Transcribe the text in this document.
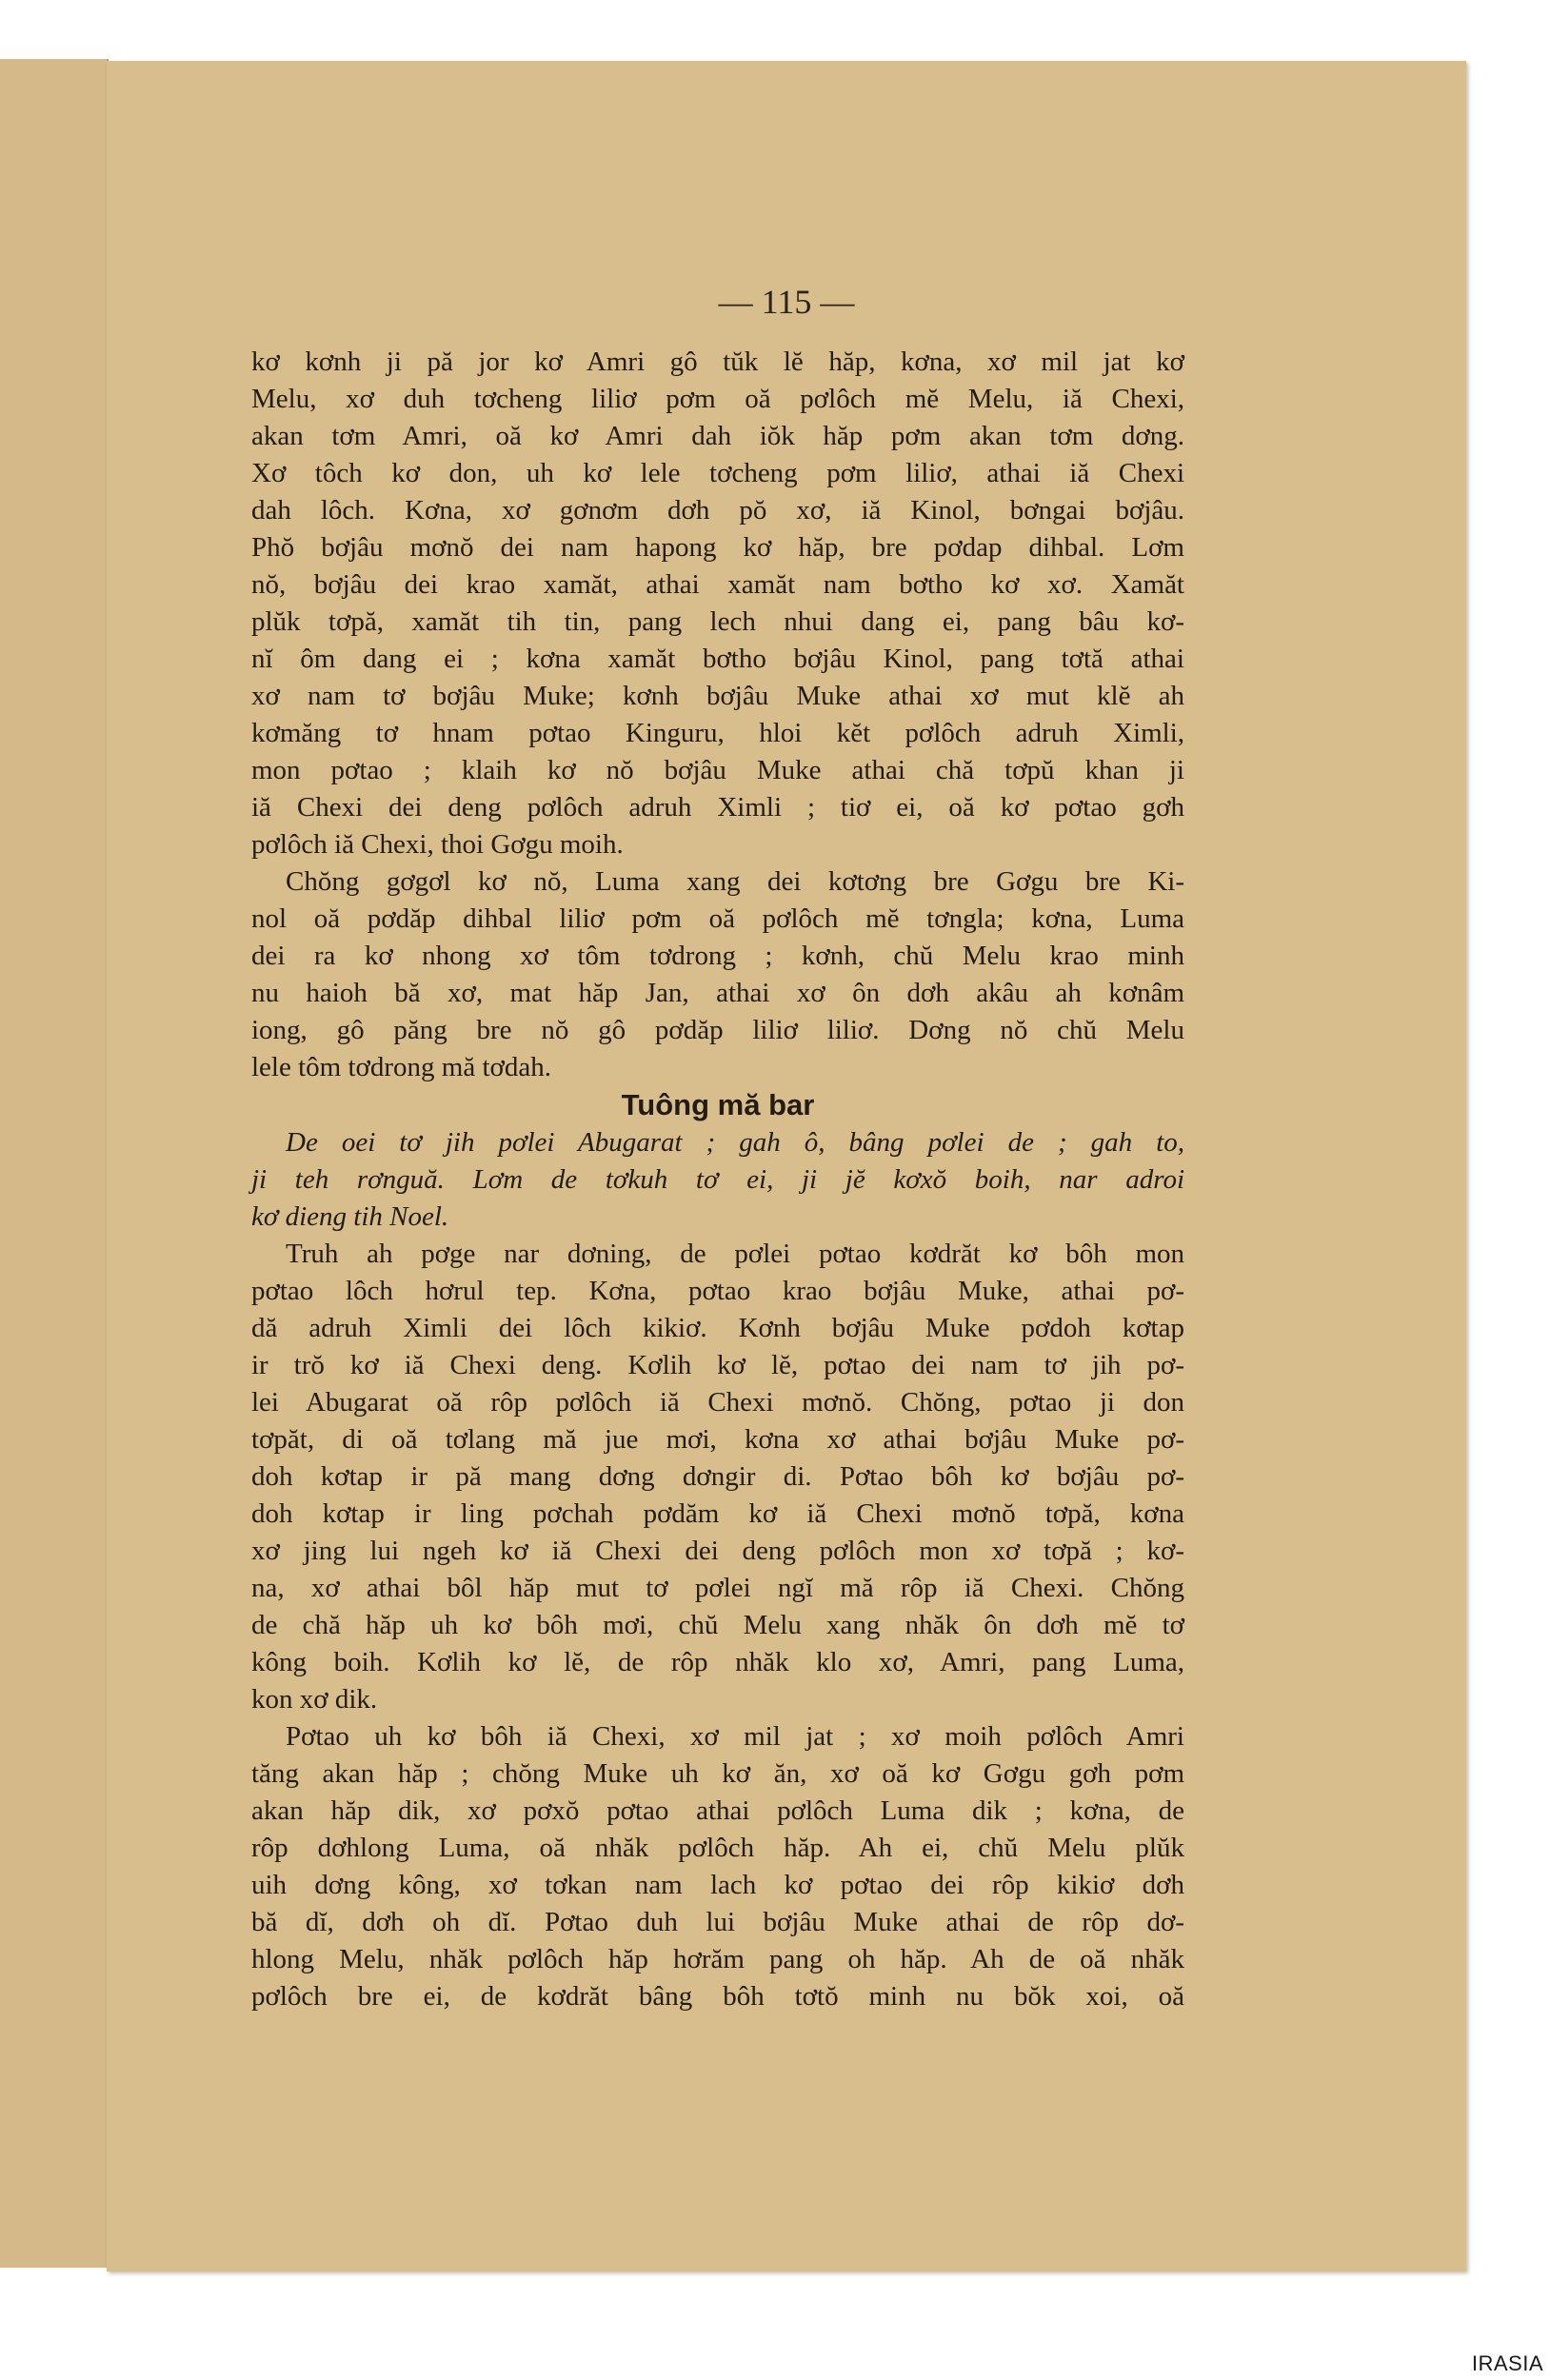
— 115 —
kơ kơnh ji pă jor kơ Amri gô tŭk lĕ hăp, kơna, xơ mil jat kơ
Melu, xơ duh tơcheng liliơ pơm oă pơlôch mĕ Melu, iă Chexi,
akan tơm Amri, oă kơ Amri dah iŏk hăp pơm akan tơm dơng.
Xơ tôch kơ don, uh kơ lele tơcheng pơm liliơ, athai iă Chexi
dah lôch. Kơna, xơ gơnơm dơh pŏ xơ, iă Kinol, bơngai bơjâu.
Phŏ bơjâu mơnŏ dei nam hapong kơ hăp, bre pơdap dihbal. Lơm
nŏ, bơjâu dei krao xamăt, athai xamăt nam bơtho kơ xơ. Xamăt
plŭk tơpă, xamăt tih tin, pang lech nhui dang ei, pang bâu kơ-
nĭ ôm dang ei ; kơna xamăt bơtho bơjâu Kinol, pang tơtă athai
xơ nam tơ bơjâu Muke; kơnh bơjâu Muke athai xơ mut klĕ ah
kơmăng tơ hnam pơtao Kinguru, hloi kĕt pơlôch adruh Ximli,
mon pơtao ; klaih kơ nŏ bơjâu Muke athai chă tơpŭ khan ji
iă Chexi dei deng pơlôch adruh Ximli ; tiơ ei, oă kơ pơtao gơh
pơlôch iă Chexi, thoi Gơgu moih.
Chŏng gơgơl kơ nŏ, Luma xang dei kơtơng bre Gơgu bre Ki-
nol oă pơdăp dihbal liliơ pơm oă pơlôch mĕ tơngla; kơna, Luma
dei ra kơ nhong xơ tôm tơdrong ; kơnh, chŭ Melu krao minh
nu haioh bă xơ, mat hăp Jan, athai xơ ôn dơh akâu ah kơnâm
iong, gô păng bre nŏ gô pơdăp liliơ liliơ. Dơng nŏ chŭ Melu
lele tôm tơdrong mă tơdah.
Tuông mă bar
De oei tơ jih pơlei Abugarat ; gah ô, bâng pơlei de ; gah to,
ji teh rơnguă. Lơm de tơkuh tơ ei, ji jĕ kơxŏ boih, nar adroi
kơ dieng tih Noel.
Truh ah pơge nar dơning, de pơlei pơtao kơdrăt kơ bôh mon
pơtao lôch hơrul tep. Kơna, pơtao krao bơjâu Muke, athai pơ-
dă adruh Ximli dei lôch kikiơ. Kơnh bơjâu Muke pơdoh kơtap
ir trŏ kơ iă Chexi deng. Kơlih kơ lĕ, pơtao dei nam tơ jih pơ-
lei Abugarat oă rôp pơlôch iă Chexi mơnŏ. Chŏng, pơtao ji don
tơpăt, di oă tơlang mă jue mơi, kơna xơ athai bơjâu Muke pơ-
doh kơtap ir pă mang dơng dơngir di. Pơtao bôh kơ bơjâu pơ-
doh kơtap ir ling pơchah pơdăm kơ iă Chexi mơnŏ tơpă, kơna
xơ jing lui ngeh kơ iă Chexi dei deng pơlôch mon xơ tơpă ; kơ-
na, xơ athai bôl hăp mut tơ pơlei ngĭ mă rôp iă Chexi. Chŏng
de chă hăp uh kơ bôh mơi, chŭ Melu xang nhăk ôn dơh mĕ tơ
kông boih. Kơlih kơ lĕ, de rôp nhăk klo xơ, Amri, pang Luma,
kon xơ dik.
Pơtao uh kơ bôh iă Chexi, xơ mil jat ; xơ moih pơlôch Amri
tăng akan hăp ; chŏng Muke uh kơ ăn, xơ oă kơ Gơgu gơh pơm
akan hăp dik, xơ pơxŏ pơtao athai pơlôch Luma dik ; kơna, de
rôp dơhlong Luma, oă nhăk pơlôch hăp. Ah ei, chŭ Melu plŭk
uih dơng kông, xơ tơkan nam lach kơ pơtao dei rôp kikiơ dơh
bă dĭ, dơh oh dĭ. Pơtao duh lui bơjâu Muke athai de rôp dơ-
hlong Melu, nhăk pơlôch hăp hơrăm pang oh hăp. Ah de oă nhăk
pơlôch bre ei, de kơdrăt bâng bôh tơtŏ minh nu bŏk xoi, oă
IRASIA
